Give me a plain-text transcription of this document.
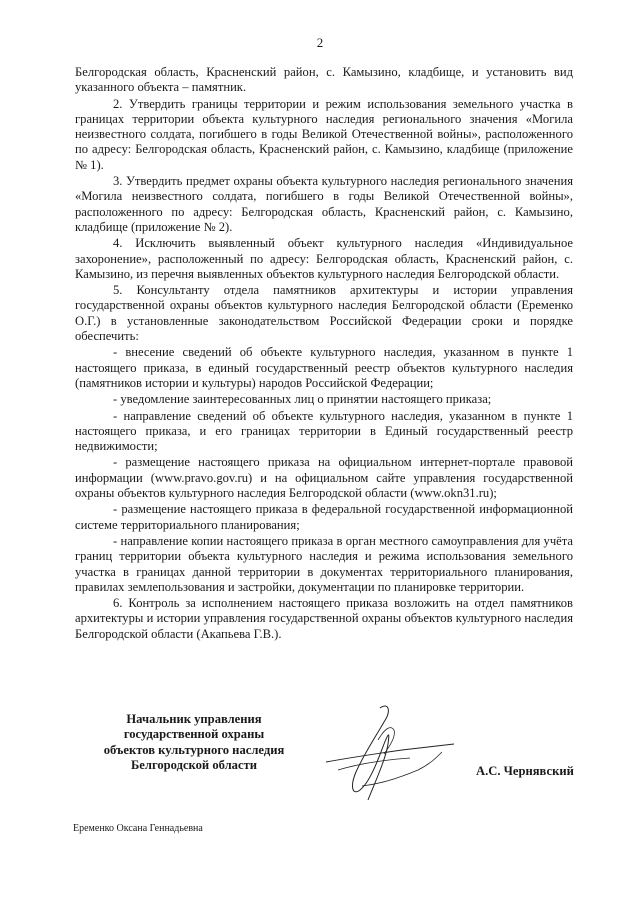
2

Белгородская область, Красненский район, с. Камызино, кладбище, и установить вид указанного объекта – памятник.

2. Утвердить границы территории и режим использования земельного участка в границах территории объекта культурного наследия регионального значения «Могила неизвестного солдата, погибшего в годы Великой Отечественной войны», расположенного по адресу: Белгородская область, Красненский район, с. Камызино, кладбище (приложение № 1).

3. Утвердить предмет охраны объекта культурного наследия регионального значения «Могила неизвестного солдата, погибшего в годы Великой Отечественной войны», расположенного по адресу: Белгородская область, Красненский район, с. Камызино, кладбище (приложение № 2).

4. Исключить выявленный объект культурного наследия «Индивидуальное захоронение», расположенный по адресу: Белгородская область, Красненский район, с. Камызино, из перечня выявленных объектов культурного наследия Белгородской области.

5. Консультанту отдела памятников архитектуры и истории управления государственной охраны объектов культурного наследия Белгородской области (Еременко О.Г.) в установленные законодательством Российской Федерации сроки и порядке обеспечить:

- внесение сведений об объекте культурного наследия, указанном в пункте 1 настоящего приказа, в единый государственный реестр объектов культурного наследия (памятников истории и культуры) народов Российской Федерации;

- уведомление заинтересованных лиц о принятии настоящего приказа;

- направление сведений об объекте культурного наследия, указанном в пункте 1 настоящего приказа, и его границах территории в Единый государственный реестр недвижимости;

- размещение настоящего приказа на официальном интернет-портале правовой информации (www.pravo.gov.ru) и на официальном сайте управления государственной охраны объектов культурного наследия Белгородской области (www.okn31.ru);

- размещение настоящего приказа в федеральной государственной информационной системе территориального планирования;

- направление копии настоящего приказа в орган местного самоуправления для учёта границ территории объекта культурного наследия и режима использования земельного участка в границах данной территории в документах территориального планирования, правилах землепользования и застройки, документации по планировке территории.

6. Контроль за исполнением настоящего приказа возложить на отдел памятников архитектуры и истории управления государственной охраны объектов культурного наследия Белгородской области (Акапьева Г.В.).

Начальник управления
государственной охраны
объектов культурного наследия
Белгородской области	А.С. Чернявский
Еременко Оксана Геннадьевна
